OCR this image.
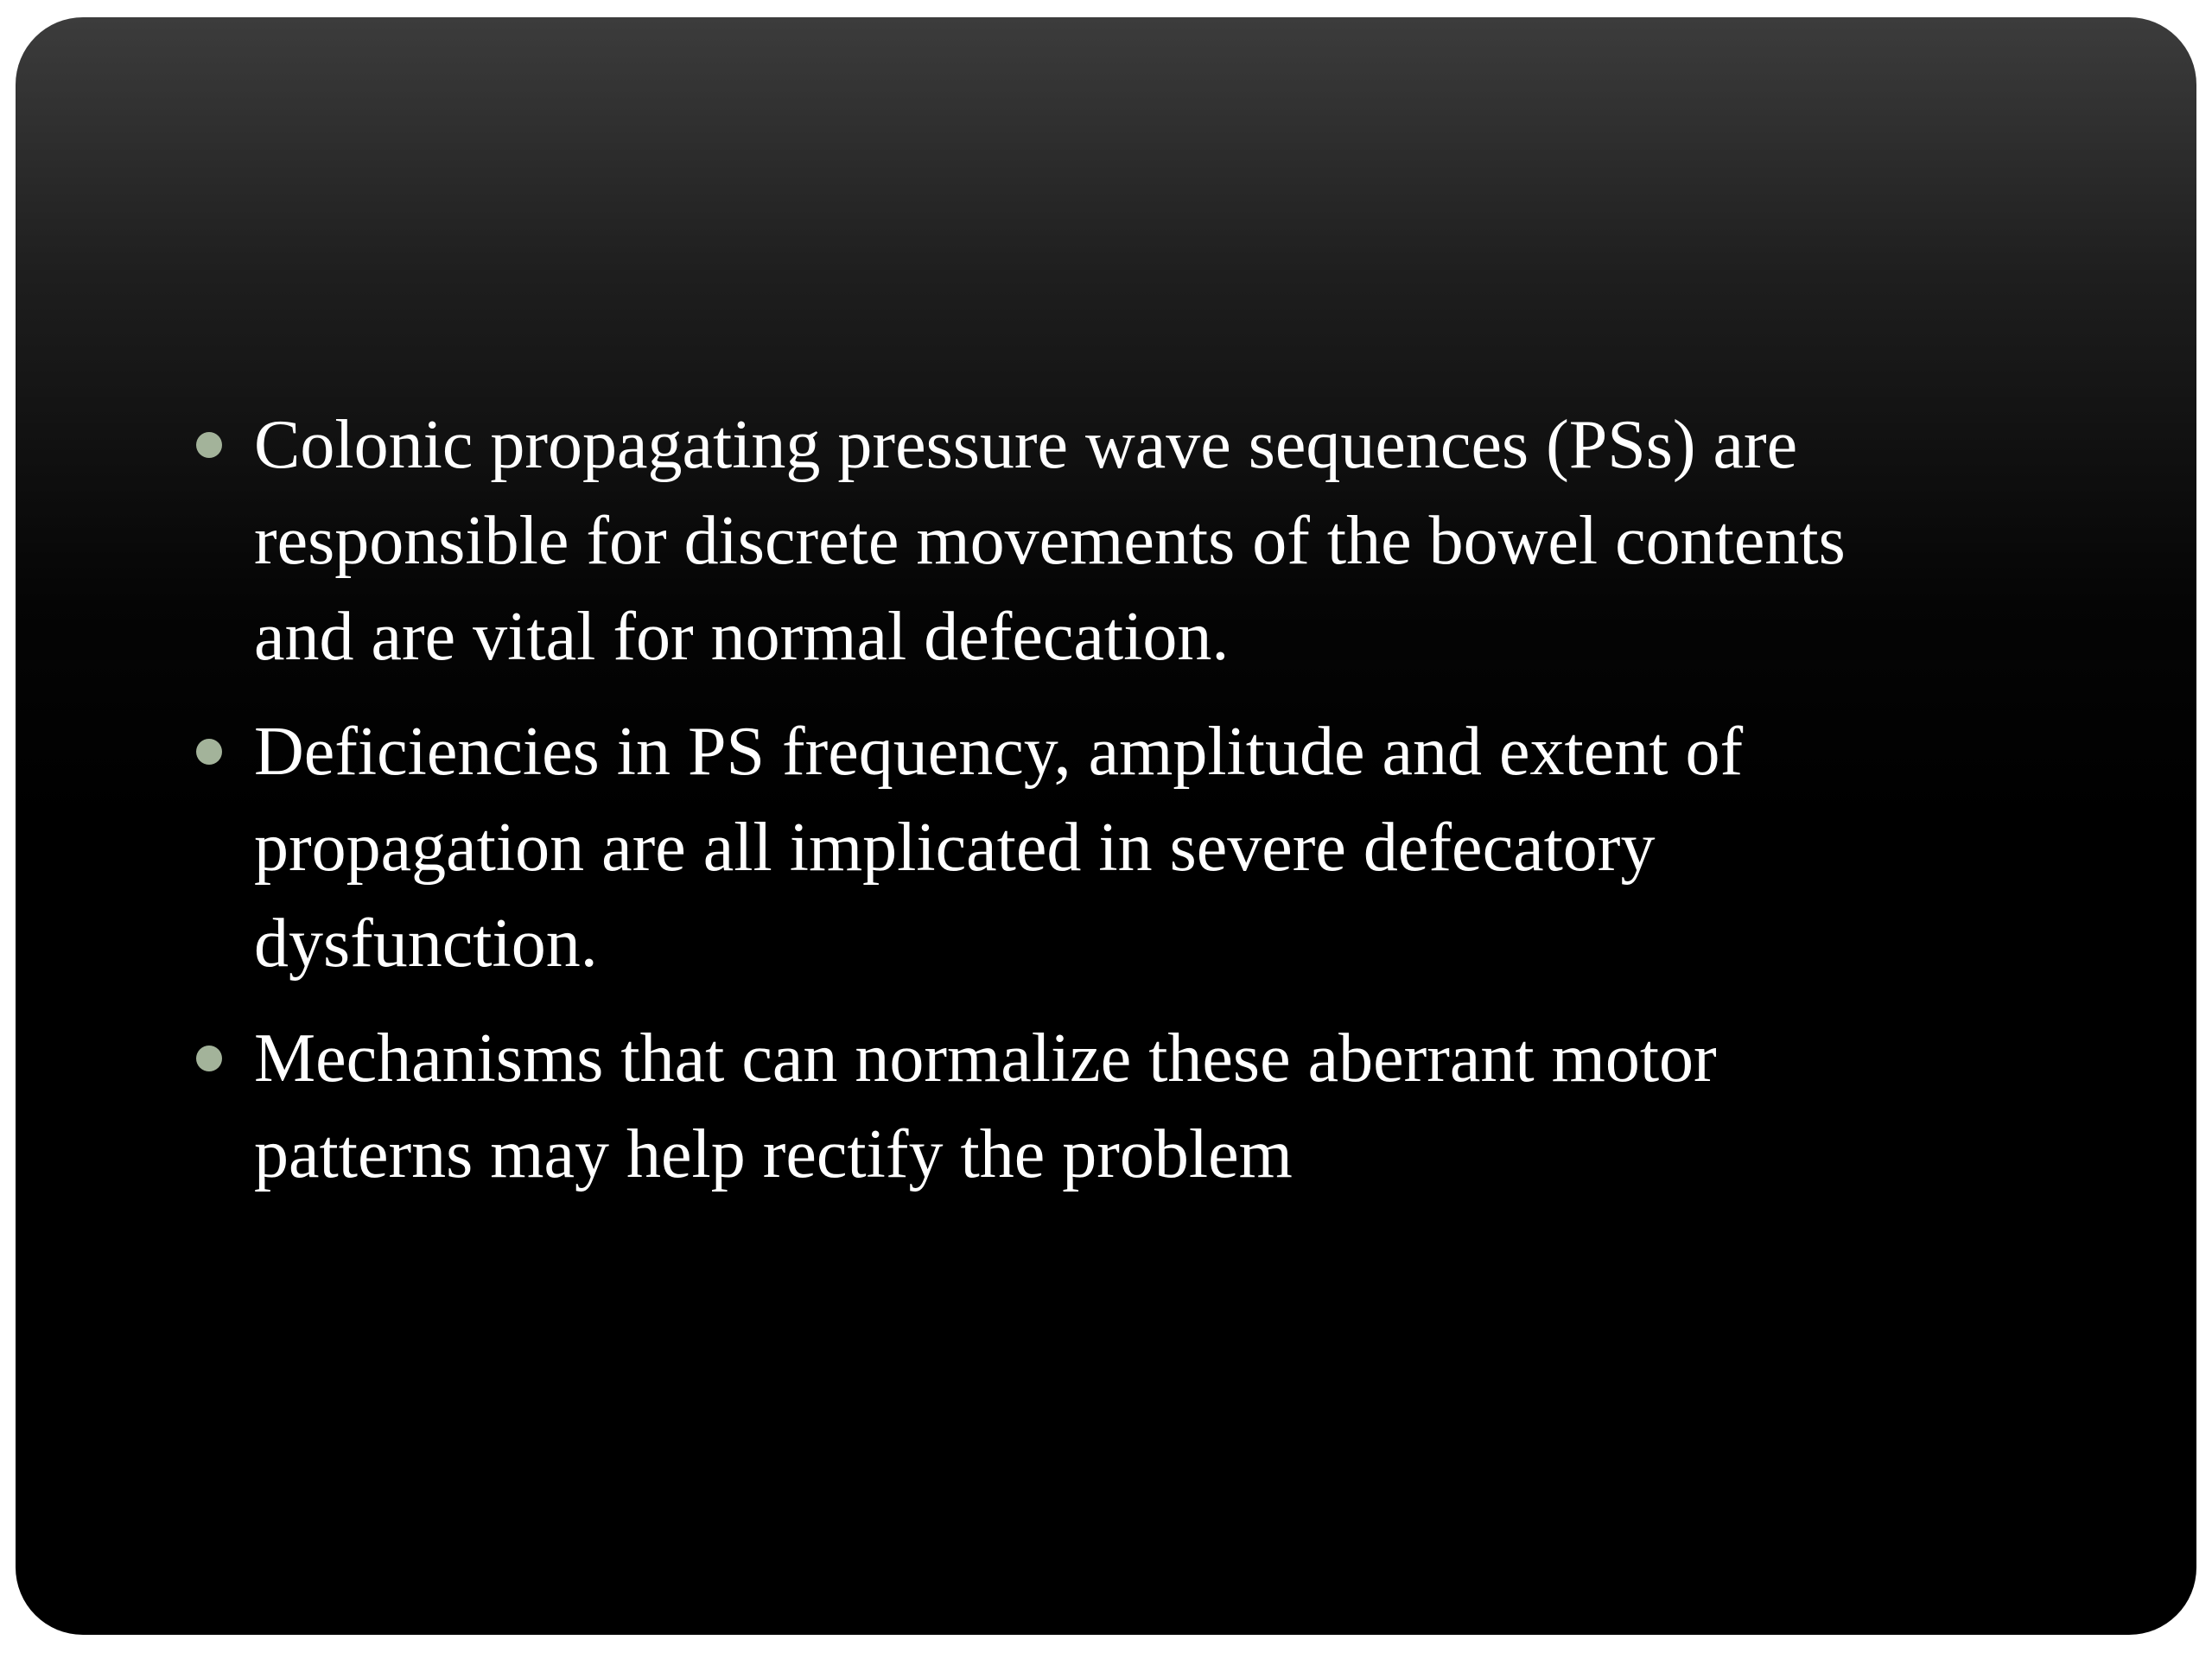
Colonic propagating pressure wave sequences (PSs) are responsible for discrete movements of the bowel contents and are vital for normal defecation.
Deficiencies in PS frequency, amplitude and extent of propagation are all implicated in severe defecatory dysfunction.
Mechanisms that can normalize these aberrant motor patterns may help rectify the problem
